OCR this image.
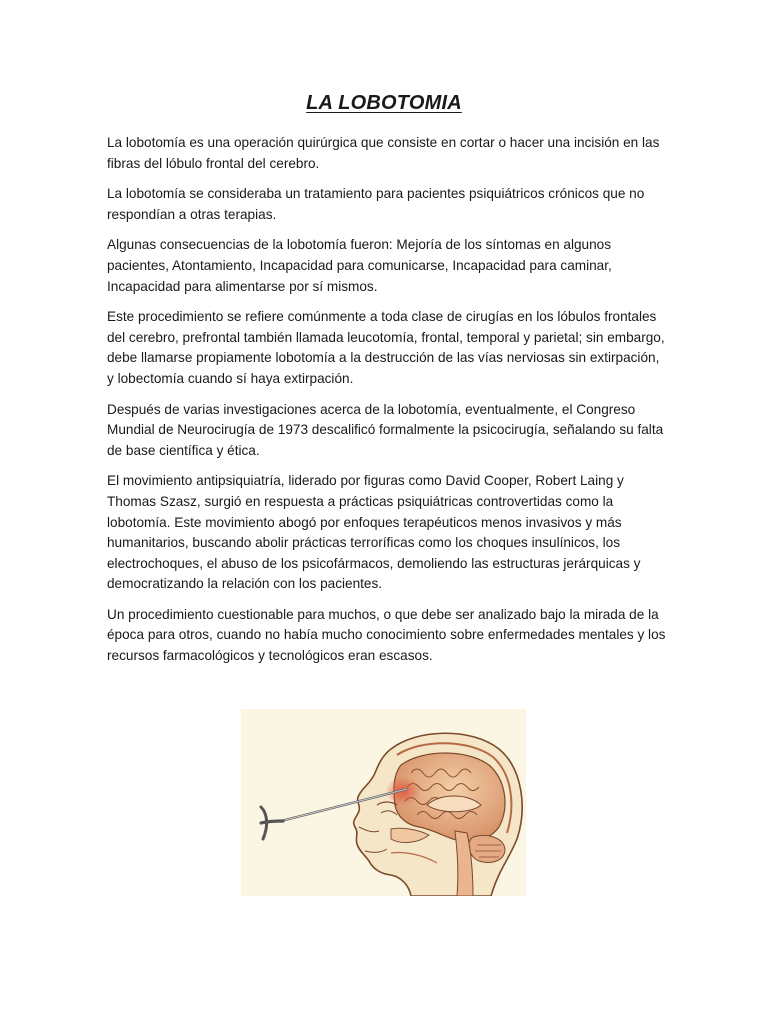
LA LOBOTOMIA

La lobotomía es una operación quirúrgica que consiste en cortar o hacer una incisión en las fibras del lóbulo frontal del cerebro.

La lobotomía se consideraba un tratamiento para pacientes psiquiátricos crónicos que no respondían a otras terapias.

Algunas consecuencias de la lobotomía fueron: Mejoría de los síntomas en algunos pacientes, Atontamiento, Incapacidad para comunicarse, Incapacidad para caminar, Incapacidad para alimentarse por sí mismos.

Este procedimiento se refiere comúnmente a toda clase de cirugías en los lóbulos frontales del cerebro, prefrontal también llamada leucotomía, frontal, temporal y parietal; sin embargo, debe llamarse propiamente lobotomía a la destrucción de las vías nerviosas sin extirpación, y lobectomía cuando sí haya extirpación.

Después de varias investigaciones acerca de la lobotomía, eventualmente, el Congreso Mundial de Neurocirugía de 1973 descalificó formalmente la psicocirugía, señalando su falta de base científica y ética.

El movimiento antipsiquiatría, liderado por figuras como David Cooper, Robert Laing y Thomas Szasz, surgió en respuesta a prácticas psiquiátricas controvertidas como la lobotomía. Este movimiento abogó por enfoques terapéuticos menos invasivos y más humanitarios, buscando abolir prácticas terroríficas como los choques insulínicos, los electrochoques, el abuso de los psicofármacos, demoliendo las estructuras jerárquicas y democratizando la relación con los pacientes.

Un procedimiento cuestionable para muchos, o que debe ser analizado bajo la mirada de la época para otros, cuando no había mucho conocimiento sobre enfermedades mentales y los recursos farmacológicos y tecnológicos eran escasos.
